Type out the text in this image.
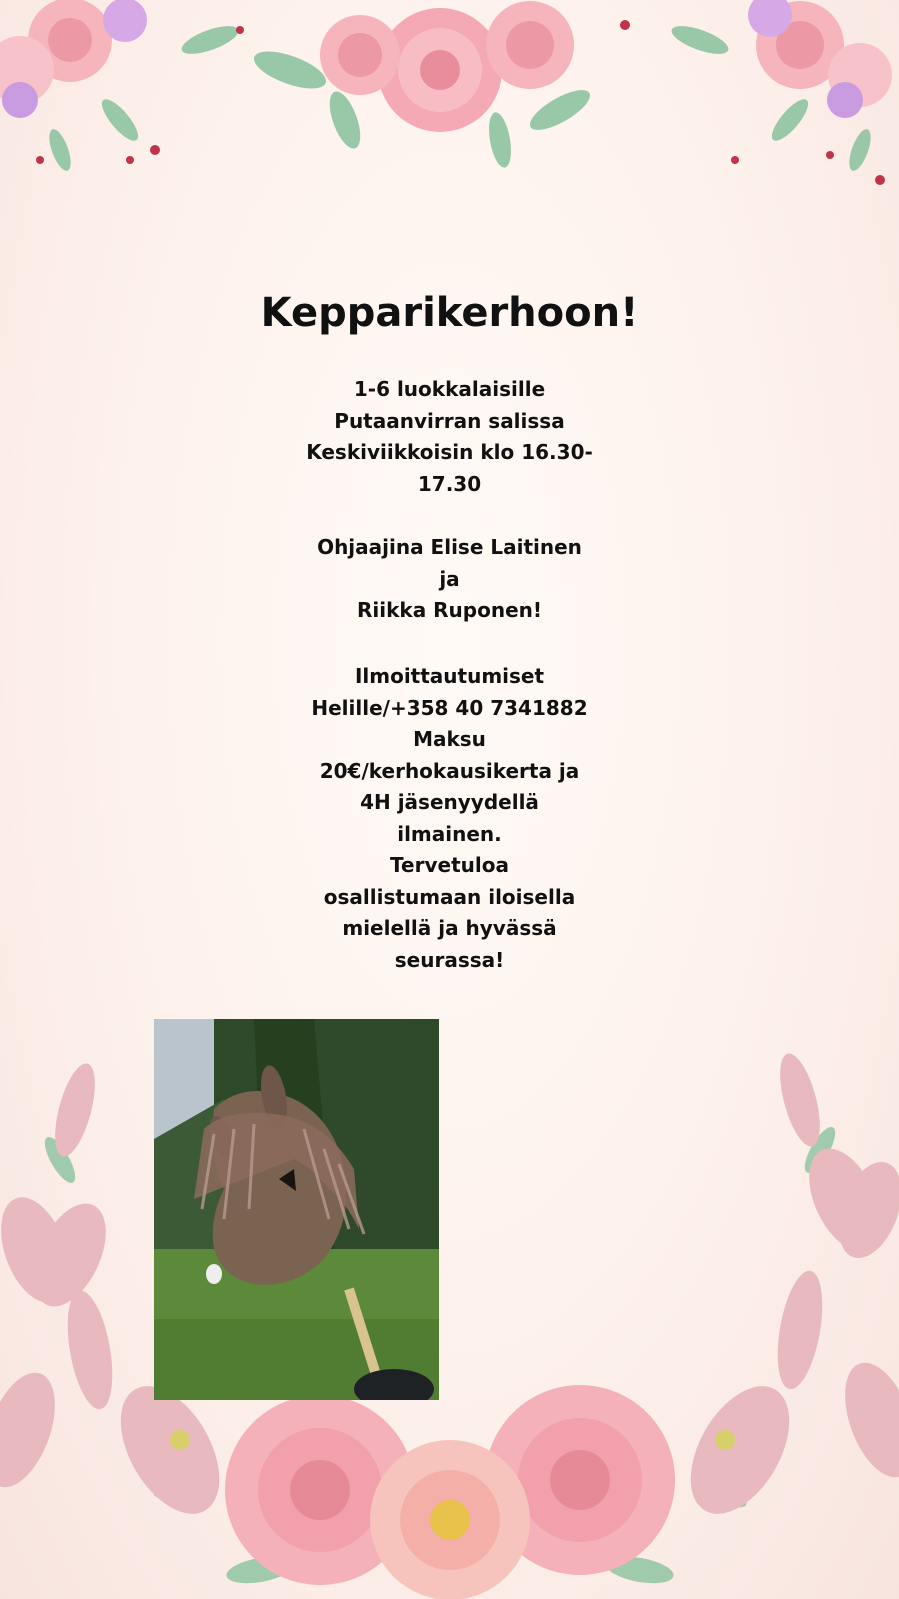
Kepparikerhoon!
1-6 luokkalaisille
Putaanvirran salissa
Keskiviikkoisin klo 16.30-
17.30
Ohjaajina Elise Laitinen
ja
Riikka Ruponen!
Ilmoittautumiset
Helille/+358 40 7341882
Maksu
20€/kerhokausikerta ja
4H jäsenyydellä
ilmainen.
Tervetuloa
osallistumaan iloisella
mielellä ja hyvässä
seurassa!
